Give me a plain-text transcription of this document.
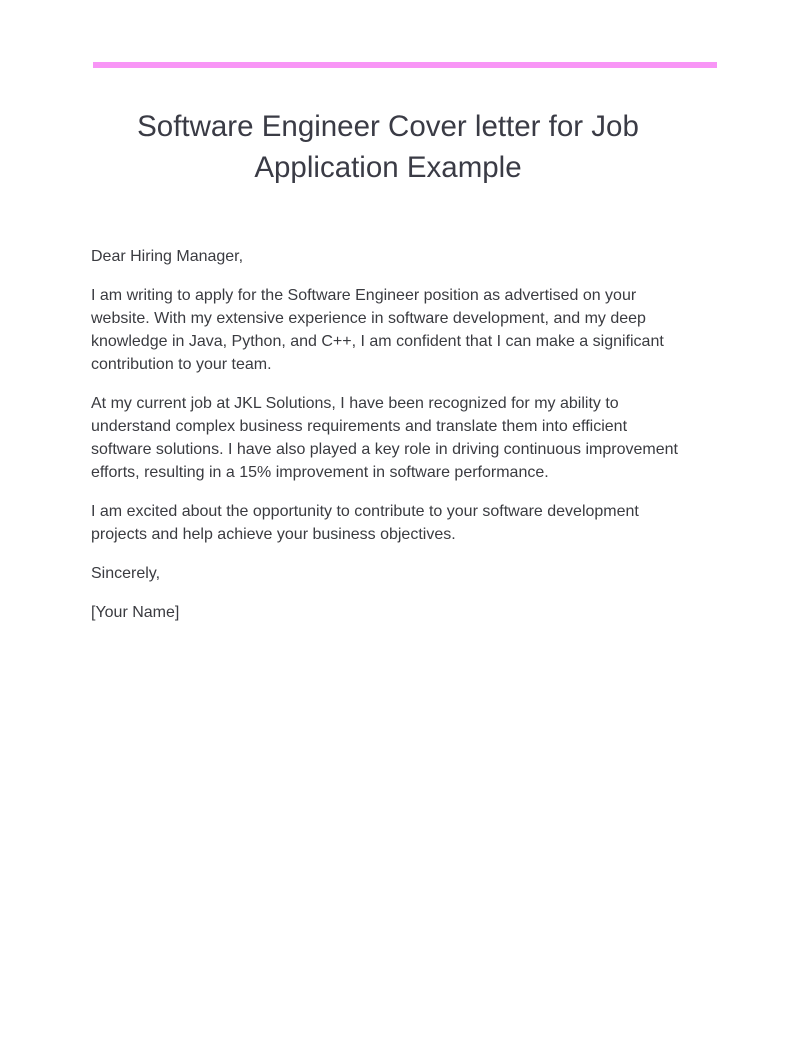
Software Engineer Cover letter for Job
Application Example

Dear Hiring Manager,

I am writing to apply for the Software Engineer position as advertised on your
website. With my extensive experience in software development, and my deep
knowledge in Java, Python, and C++, I am confident that I can make a significant
contribution to your team.

At my current job at JKL Solutions, I have been recognized for my ability to
understand complex business requirements and translate them into efficient
software solutions. I have also played a key role in driving continuous improvement
efforts, resulting in a 15% improvement in software performance.

I am excited about the opportunity to contribute to your software development
projects and help achieve your business objectives.

Sincerely,

[Your Name]
